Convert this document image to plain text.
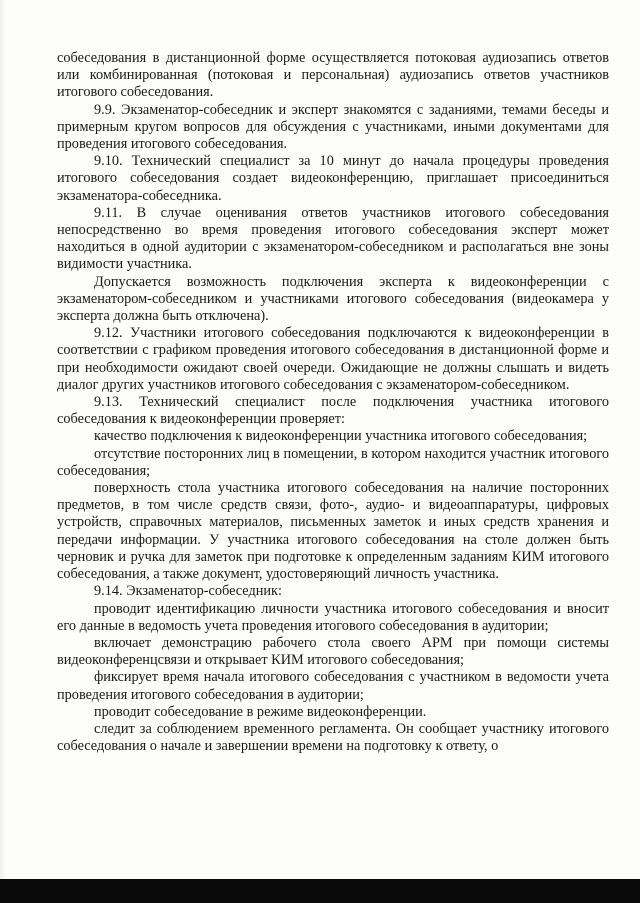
собеседования в дистанционной форме осуществляется потоковая аудиозапись ответов или комбинированная (потоковая и персональная) аудиозапись ответов участников итогового собеседования.

9.9. Экзаменатор-собеседник и эксперт знакомятся с заданиями, темами беседы и примерным кругом вопросов для обсуждения с участниками, иными документами для проведения итогового собеседования.

9.10. Технический специалист за 10 минут до начала процедуры проведения итогового собеседования создает видеоконференцию, приглашает присоединиться экзаменатора-собеседника.

9.11. В случае оценивания ответов участников итогового собеседования непосредственно во время проведения итогового собеседования эксперт может находиться в одной аудитории с экзаменатором-собеседником и располагаться вне зоны видимости участника.

Допускается возможность подключения эксперта к видеоконференции с экзаменатором-собеседником и участниками итогового собеседования (видеокамера у эксперта должна быть отключена).

9.12. Участники итогового собеседования подключаются к видеоконференции в соответствии с графиком проведения итогового собеседования в дистанционной форме и при необходимости ожидают своей очереди. Ожидающие не должны слышать и видеть диалог других участников итогового собеседования с экзаменатором-собеседником.

9.13. Технический специалист после подключения участника итогового собеседования к видеоконференции проверяет:

качество подключения к видеоконференции участника итогового собеседования;

отсутствие посторонних лиц в помещении, в котором находится участник итогового собеседования;

поверхность стола участника итогового собеседования на наличие посторонних предметов, в том числе средств связи, фото-, аудио- и видеоаппаратуры, цифровых устройств, справочных материалов, письменных заметок и иных средств хранения и передачи информации. У участника итогового собеседования на столе должен быть черновик и ручка для заметок при подготовке к определенным заданиям КИМ итогового собеседования, а также документ, удостоверяющий личность участника.

9.14. Экзаменатор-собеседник:

проводит идентификацию личности участника итогового собеседования и вносит его данные в ведомость учета проведения итогового собеседования в аудитории;

включает демонстрацию рабочего стола своего АРМ при помощи системы видеоконференцсвязи и открывает КИМ итогового собеседования;

фиксирует время начала итогового собеседования с участником в ведомости учета проведения итогового собеседования в аудитории;

проводит собеседование в режиме видеоконференции.

следит за соблюдением временного регламента. Он сообщает участнику итогового собеседования о начале и завершении времени на подготовку к ответу, о
